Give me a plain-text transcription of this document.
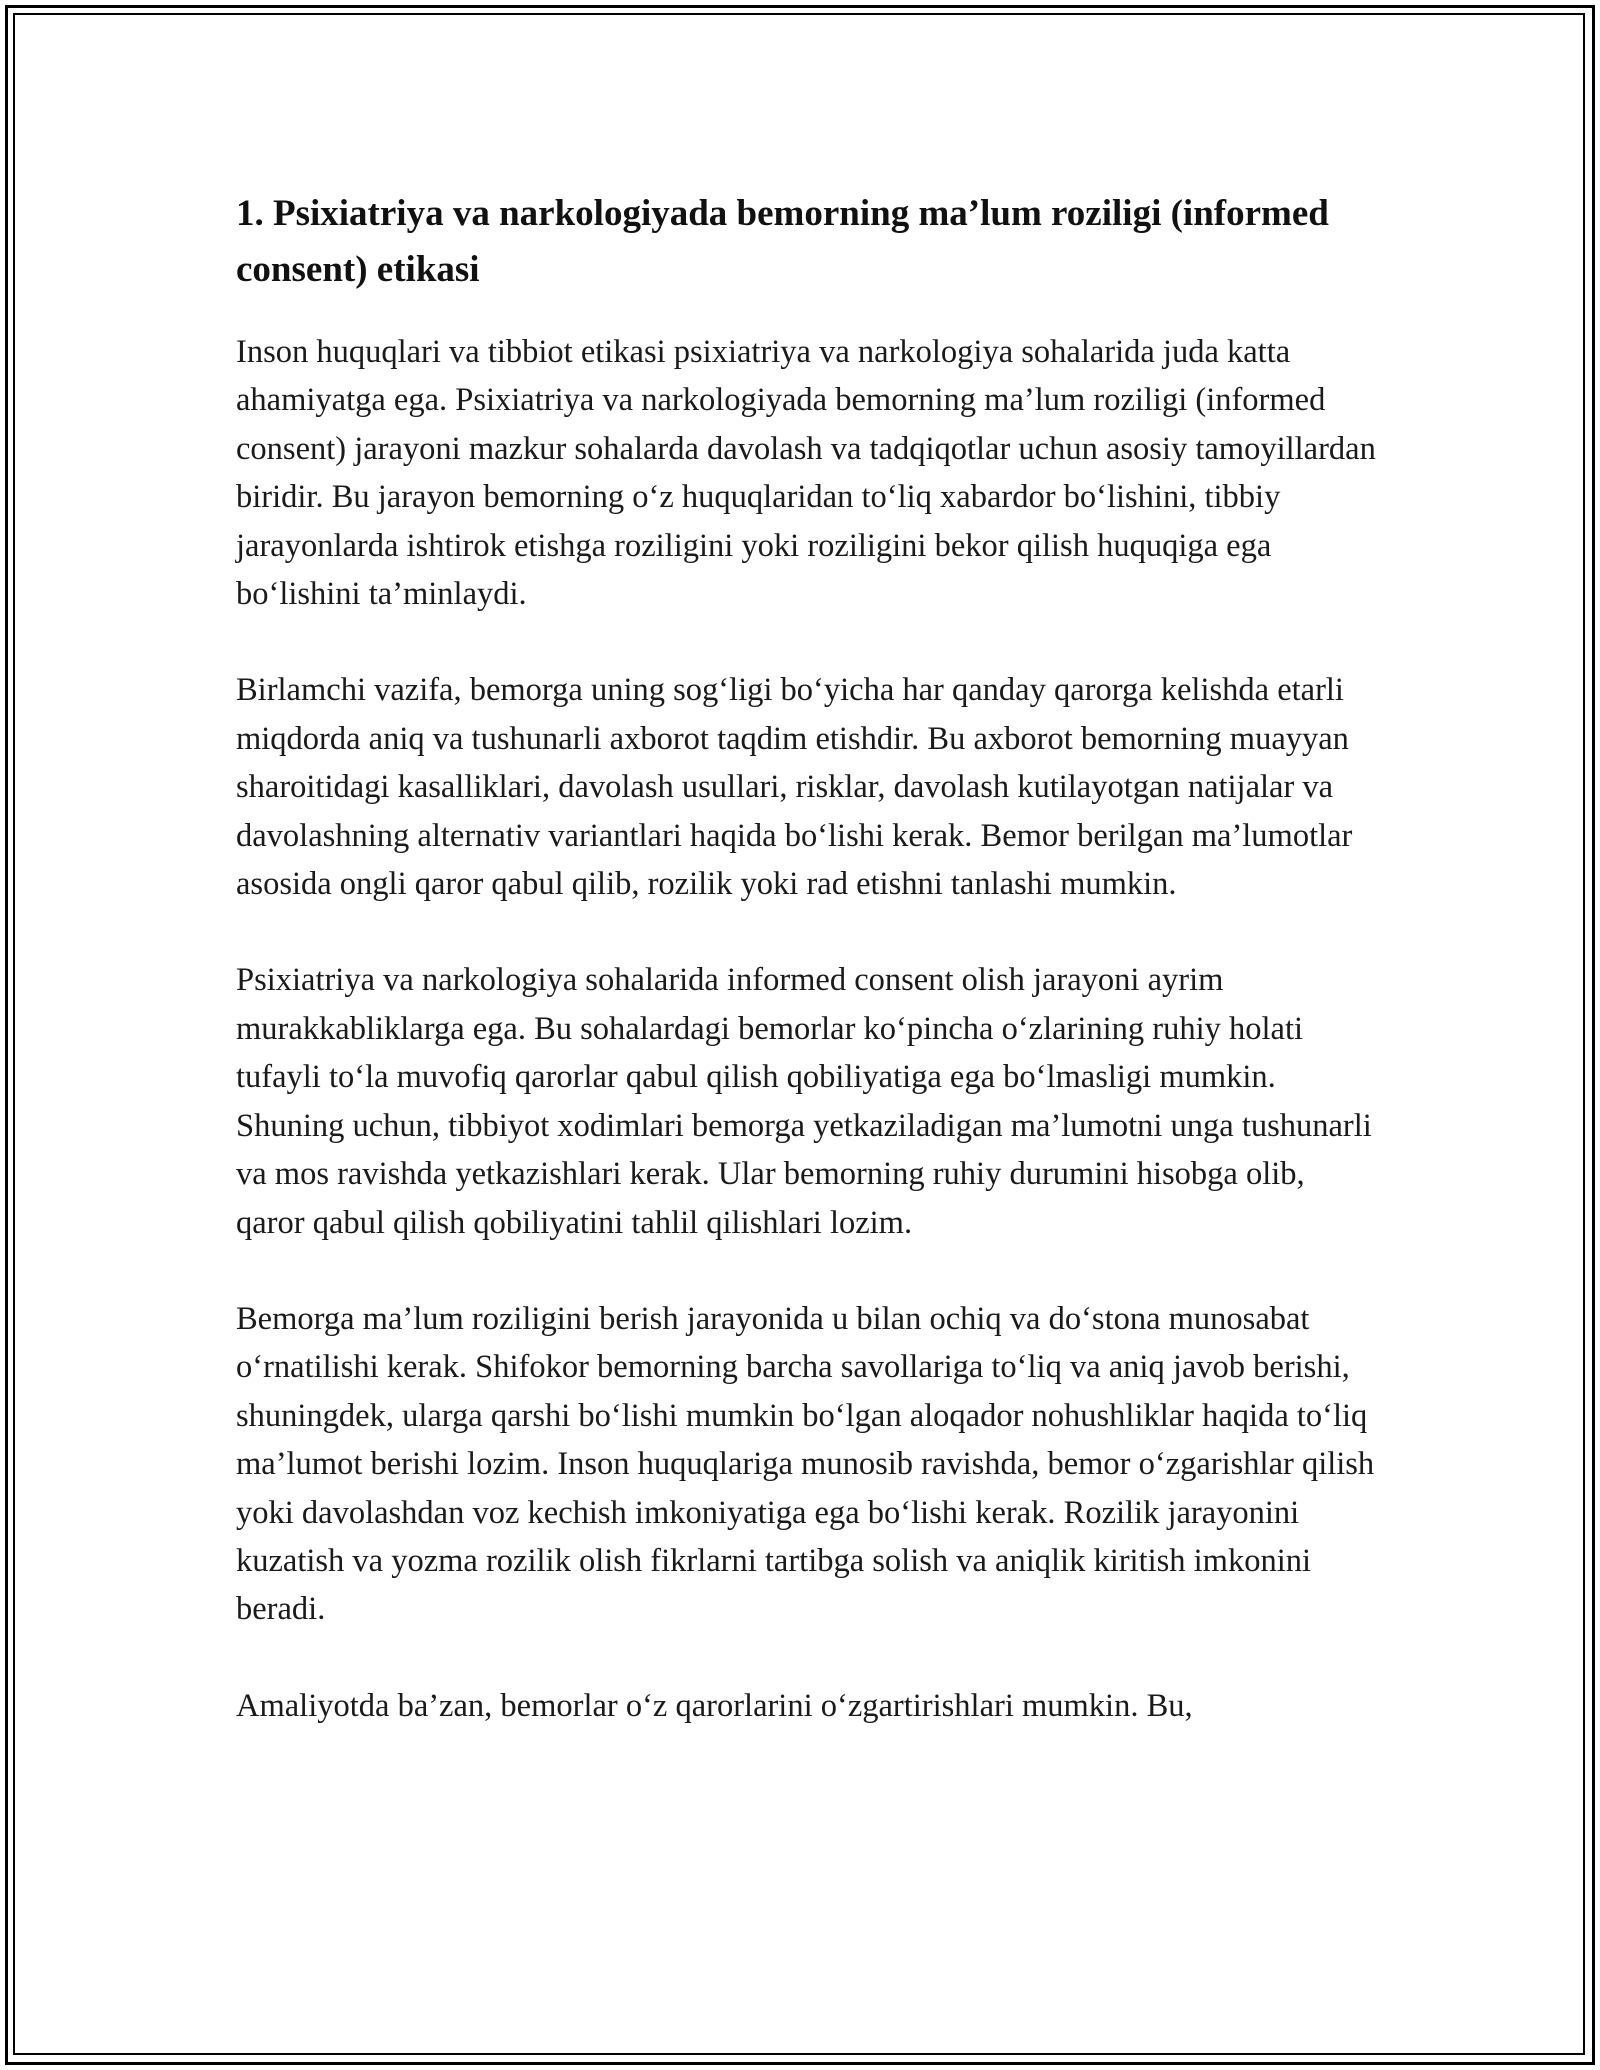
1. Psixiatriya va narkologiyada bemorning ma’lum roziligi (informed consent) etikasi

Inson huquqlari va tibbiot etikasi psixiatriya va narkologiya sohalarida juda katta ahamiyatga ega. Psixiatriya va narkologiyada bemorning ma’lum roziligi (informed consent) jarayoni mazkur sohalarda davolash va tadqiqotlar uchun asosiy tamoyillardan biridir. Bu jarayon bemorning o‘z huquqlaridan to‘liq xabardor bo‘lishini, tibbiy jarayonlarda ishtirok etishga roziligini yoki roziligini bekor qilish huquqiga ega bo‘lishini ta’minlaydi.

Birlamchi vazifa, bemorga uning sog‘ligi bo‘yicha har qanday qarorga kelishda etarli miqdorda aniq va tushunarli axborot taqdim etishdir. Bu axborot bemorning muayyan sharoitidagi kasalliklari, davolash usullari, risklar, davolash kutilayotgan natijalar va davolashning alternativ variantlari haqida bo‘lishi kerak. Bemor berilgan ma’lumotlar asosida ongli qaror qabul qilib, rozilik yoki rad etishni tanlashi mumkin.

Psixiatriya va narkologiya sohalarida informed consent olish jarayoni ayrim murakkabliklarga ega. Bu sohalardagi bemorlar ko‘pincha o‘zlarining ruhiy holati tufayli to‘la muvofiq qarorlar qabul qilish qobiliyatiga ega bo‘lmasligi mumkin. Shuning uchun, tibbiyot xodimlari bemorga yetkaziladigan ma’lumotni unga tushunarli va mos ravishda yetkazishlari kerak. Ular bemorning ruhiy durumini hisobga olib, qaror qabul qilish qobiliyatini tahlil qilishlari lozim.

Bemorga ma’lum roziligini berish jarayonida u bilan ochiq va do‘stona munosabat o‘rnatilishi kerak. Shifokor bemorning barcha savollariga to‘liq va aniq javob berishi, shuningdek, ularga qarshi bo‘lishi mumkin bo‘lgan aloqador nohushliklar haqida to‘liq ma’lumot berishi lozim. Inson huquqlariga munosib ravishda, bemor o‘zgarishlar qilish yoki davolashdan voz kechish imkoniyatiga ega bo‘lishi kerak. Rozilik jarayonini kuzatish va yozma rozilik olish fikrlarni tartibga solish va aniqlik kiritish imkonini beradi.

Amaliyotda ba’zan, bemorlar o‘z qarorlarini o‘zgartirishlari mumkin. Bu,
